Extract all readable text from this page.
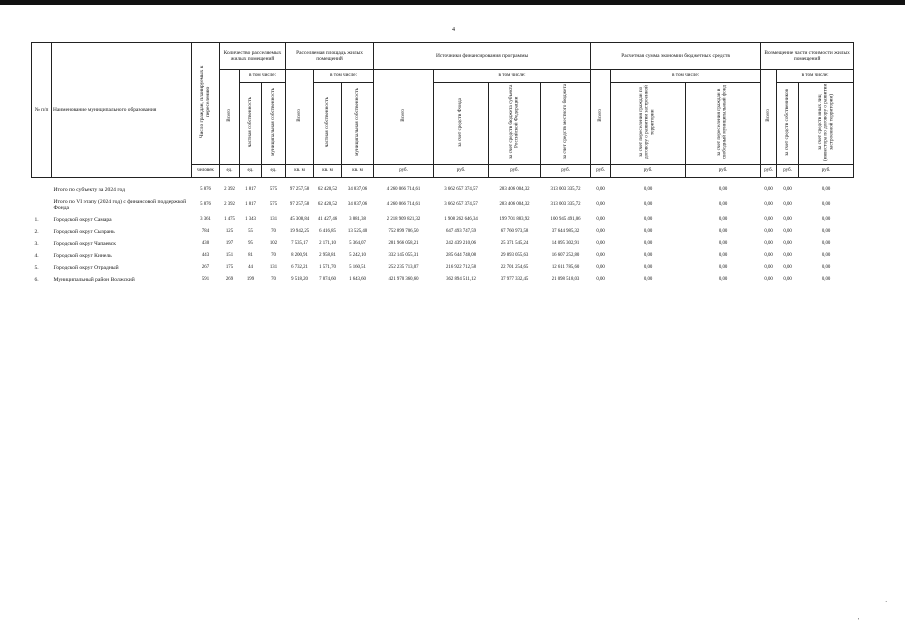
4
№ п/п	Наименование муниципального образования	Число граждан, планируемых к переселению	Количество расселяемых жилых помещений			Расселяемая площадь жилых помещений			Источники финансирования программы				Расчетная сумма экономии бюджетных средств			Возмещение части стоимости жилых помещений		
			Всего	в том числе:		Всего	в том числе:		Всего	в том числе:			Всего	в том числе:		Всего	в том числе:	
				частная собственность	муниципальная собственность		частная собственность	муниципальная собственность		за счет средств Фонда	за счет средств бюджета субъекта Российской Федерации	за счет средств местного бюджета		за счет переселения граждан по договору о развитии застроенной территории	за счет переселения граждан в свободный муниципальный фонд		за счет средств собственников	за счет средств иных лиц (инвестора по договору о развитии застроенной территории)
		человек	ед.	ед.	ед.	кв. м	кв. м	кв. м	руб.	руб.	руб.	руб.	руб.	руб.	руб.	руб.	руб.	руб.

	Итого по субъекту за 2024 год	5 876	2 392	1 817	575	97 257,58	62 420,52	34 837,06	4 260 066 714,61	3 662 657 374,57	283 406 004,32	313 003 335,72	0,00	0,00	0,00	0,00	0,00	0,00
	Итого по VI этапу (2024 год) с финансовой поддержкой Фонда	5 876	2 392	1 817	575	97 257,58	62 420,52	34 837,06	4 260 066 714,61	3 662 657 374,57	283 406 004,32	313 003 335,72	0,00	0,00	0,00	0,00	0,00	0,00
1.	Городской округ Самара	3 361	1 475	1 343	131	45 308,84	41 427,46	3 881,38	2 218 909 821,32	1 908 262 646,34	199 701 883,92	100 945 491,06	0,00	0,00	0,00	0,00	0,00	0,00
2.	Городской округ Сызрань	784	125	55	70	19 942,25	6 416,85	13 525,40	752 899 706,50	647 493 747,59	67 760 973,58	37 644 985,32	0,00	0,00	0,00	0,00	0,00	0,00
3.	Городской округ Чапаевск	430	197	95	102	7 535,17	2 171,10	5 364,07	281 966 058,21	242 439 210,06	25 371 545,24	14 095 302,91	0,00	0,00	0,00	0,00	0,00	0,00
4.	Городской округ Кинель	443	151	81	70	8 200,91	2 958,81	5 242,10	332 145 055,31	285 644 748,08	29 893 055,63	16 607 252,80	0,00	0,00	0,00	0,00	0,00	0,00
5.	Городской округ Отрадный	267	175	44	131	6 732,21	1 571,70	5 160,51	252 235 713,07	216 922 712,58	22 701 254,65	12 611 785,60	0,00	0,00	0,00	0,00	0,00	0,00
6.	Муниципальный район Волжский	591	269	199	70	9 518,20	7 874,60	1 643,60	421 970 360,60	362 894 511,12	37 977 332,45	21 098 518,03	0,00	0,00	0,00	0,00	0,00	0,00
·
'
